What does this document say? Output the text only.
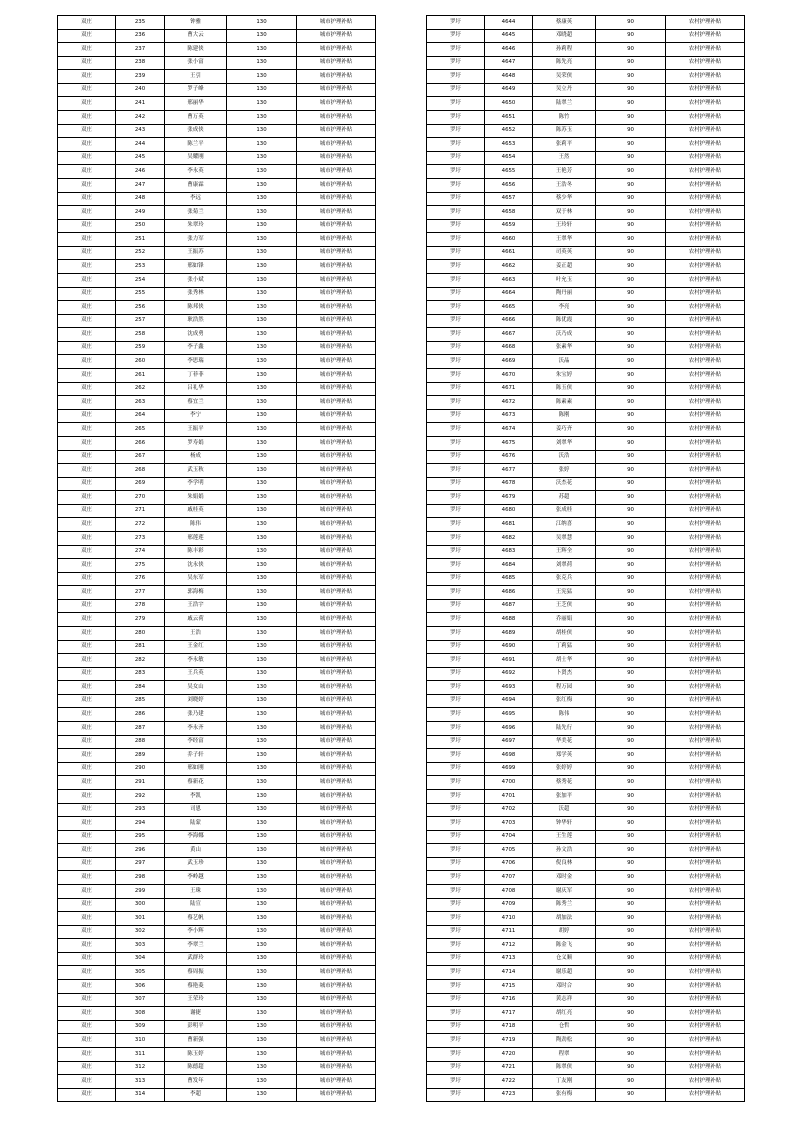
双庄	235	钟雅	130	城市护理补贴
双庄	236	曹大云	130	城市护理补贴
双庄	237	陈建侠	130	城市护理补贴
双庄	238	张小富	130	城市护理补贴
双庄	239	王引	130	城市护理补贴
双庄	240	罗子峰	130	城市护理补贴
双庄	241	邢丽华	130	城市护理补贴
双庄	242	曹万英	130	城市护理补贴
双庄	243	张成侠	130	城市护理补贴
双庄	244	陈兰平	130	城市护理补贴
双庄	245	吴耀刚	130	城市护理补贴
双庄	246	李永英	130	城市护理补贴
双庄	247	曹康霖	130	城市护理补贴
双庄	248	李远	130	城市护理补贴
双庄	249	张菊兰	130	城市护理补贴
双庄	250	朱翠玲	130	城市护理补贴
双庄	251	张力军	130	城市护理补贴
双庄	252	王振苏	130	城市护理补贴
双庄	253	邢如锋	130	城市护理补贴
双庄	254	张小斌	130	城市护理补贴
双庄	255	张秀林	130	城市护理补贴
双庄	256	陈邦侠	130	城市护理补贴
双庄	257	耿浩然	130	城市护理补贴
双庄	258	沈成勇	130	城市护理补贴
双庄	259	李子鑫	130	城市护理补贴
双庄	260	李思瑞	130	城市护理补贴
双庄	261	丁菲菲	130	城市护理补贴
双庄	262	吕礼华	130	城市护理补贴
双庄	263	蔡宜兰	130	城市护理补贴
双庄	264	李宁	130	城市护理补贴
双庄	265	王振平	130	城市护理补贴
双庄	266	罗寿娟	130	城市护理补贴
双庄	267	杨成	130	城市护理补贴
双庄	268	武玉秋	130	城市护理补贴
双庄	269	李学明	130	城市护理补贴
双庄	270	朱娟娟	130	城市护理补贴
双庄	271	戚桂英	130	城市护理补贴
双庄	272	陈伟	130	城市护理补贴
双庄	273	邢莲莲	130	城市护理补贴
双庄	274	陈丰彩	130	城市护理补贴
双庄	275	沈永侠	130	城市护理补贴
双庄	276	吴东军	130	城市护理补贴
双庄	277	郭海梅	130	城市护理补贴
双庄	278	王浩宇	130	城市护理补贴
双庄	279	戚云荷	130	城市护理补贴
双庄	280	王浩	130	城市护理补贴
双庄	281	王金红	130	城市护理补贴
双庄	282	李永敏	130	城市护理补贴
双庄	283	王兵英	130	城市护理补贴
双庄	284	吴女山	130	城市护理补贴
双庄	285	刘晓婷	130	城市护理补贴
双庄	286	张乃建	130	城市护理补贴
双庄	287	李永齐	130	城市护理补贴
双庄	288	李经富	130	城市护理补贴
双庄	289	乔子轩	130	城市护理补贴
双庄	290	邢如刚	130	城市护理补贴
双庄	291	蔡新花	130	城市护理补贴
双庄	292	李凯	130	城市护理补贴
双庄	293	司恩	130	城市护理补贴
双庄	294	陆蒙	130	城市护理补贴
双庄	295	李海娜	130	城市护理补贴
双庄	296	黄山	130	城市护理补贴
双庄	297	武玉珍	130	城市护理补贴
双庄	298	李岭越	130	城市护理补贴
双庄	299	王珠	130	城市护理补贴
双庄	300	陆宣	130	城市护理补贴
双庄	301	蔡艺帆	130	城市护理补贴
双庄	302	李小辉	130	城市护理补贴
双庄	303	李翠兰	130	城市护理补贴
双庄	304	武群玲	130	城市护理补贴
双庄	305	蔡周振	130	城市护理补贴
双庄	306	蔡艳菱	130	城市护理补贴
双庄	307	王荣玲	130	城市护理补贴
双庄	308	谢捷	130	城市护理补贴
双庄	309	彭明平	130	城市护理补贴
双庄	310	曹新强	130	城市护理补贴
双庄	311	陈玉婷	130	城市护理补贴
双庄	312	陈德超	130	城市护理补贴
双庄	313	曹发年	130	城市护理补贴
双庄	314	李超	130	城市护理补贴
罗圩	4644	蔡康英	90	农村护理补贴
罗圩	4645	邓晓超	90	农村护理补贴
罗圩	4646	孙莉程	90	农村护理补贴
罗圩	4647	陈先亮	90	农村护理补贴
罗圩	4648	吴荣侠	90	农村护理补贴
罗圩	4649	吴立丹	90	农村护理补贴
罗圩	4650	陆翠兰	90	农村护理补贴
罗圩	4651	陈竹	90	农村护理补贴
罗圩	4652	陈苏玉	90	农村护理补贴
罗圩	4653	张莉平	90	农村护理补贴
罗圩	4654	王然	90	农村护理补贴
罗圩	4655	王艳芳	90	农村护理补贴
罗圩	4656	王浩冬	90	农村护理补贴
罗圩	4657	蔡少华	90	农村护理补贴
罗圩	4658	双于林	90	农村护理补贴
罗圩	4659	王玲轩	90	农村护理补贴
罗圩	4660	王翠华	90	农村护理补贴
罗圩	4661	司英英	90	农村护理补贴
罗圩	4662	姜正超	90	农村护理补贴
罗圩	4663	叶允玉	90	农村护理补贴
罗圩	4664	陶丹丽	90	农村护理补贴
罗圩	4665	李亮	90	农村护理补贴
罗圩	4666	陈优霞	90	农村护理补贴
罗圩	4667	沃乃成	90	农村护理补贴
罗圩	4668	张素华	90	农村护理补贴
罗圩	4669	沃晶	90	农村护理补贴
罗圩	4670	朱宝婷	90	农村护理补贴
罗圩	4671	陈玉侠	90	农村护理补贴
罗圩	4672	陈素素	90	农村护理补贴
罗圩	4673	陈刚	90	农村护理补贴
罗圩	4674	姜巧齐	90	农村护理补贴
罗圩	4675	刘翠华	90	农村护理补贴
罗圩	4676	沃浩	90	农村护理补贴
罗圩	4677	张婷	90	农村护理补贴
罗圩	4678	沃杰花	90	农村护理补贴
罗圩	4679	苏超	90	农村护理补贴
罗圩	4680	张成桂	90	农村护理补贴
罗圩	4681	江纳喜	90	农村护理补贴
罗圩	4682	吴翠慧	90	农村护理补贴
罗圩	4683	王辉全	90	农村护理补贴
罗圩	4684	刘翠荷	90	农村护理补贴
罗圩	4685	张克兵	90	农村护理补贴
罗圩	4686	王宪猛	90	农村护理补贴
罗圩	4687	王芝侠	90	农村护理补贴
罗圩	4688	乔丽娟	90	农村护理补贴
罗圩	4689	胡桂侠	90	农村护理补贴
罗圩	4690	丁莉猛	90	农村护理补贴
罗圩	4691	胡士华	90	农村护理补贴
罗圩	4692	卜贤杰	90	农村护理补贴
罗圩	4693	程万园	90	农村护理补贴
罗圩	4694	张红梅	90	农村护理补贴
罗圩	4695	陈伟	90	农村护理补贴
罗圩	4696	陆先行	90	农村护理补贴
罗圩	4697	华美花	90	农村护理补贴
罗圩	4698	郑学英	90	农村护理补贴
罗圩	4699	张婷婷	90	农村护理补贴
罗圩	4700	蔡秀花	90	农村护理补贴
罗圩	4701	张加平	90	农村护理补贴
罗圩	4702	沃超	90	农村护理补贴
罗圩	4703	钟华轩	90	农村护理补贴
罗圩	4704	王生莲	90	农村护理补贴
罗圩	4705	孙文浩	90	农村护理补贴
罗圩	4706	倪良林	90	农村护理补贴
罗圩	4707	邓时金	90	农村护理补贴
罗圩	4708	谢庆军	90	农村护理补贴
罗圩	4709	陈秀兰	90	农村护理补贴
罗圩	4710	胡加法	90	农村护理补贴
罗圩	4711	胡婷	90	农村护理补贴
罗圩	4712	陈金飞	90	农村护理补贴
罗圩	4713	仓义顺	90	农村护理补贴
罗圩	4714	谢乐超	90	农村护理补贴
罗圩	4715	邓时合	90	农村护理补贴
罗圩	4716	黄志祥	90	农村护理补贴
罗圩	4717	胡红亮	90	农村护理补贴
罗圩	4718	仓哲	90	农村护理补贴
罗圩	4719	陶劲松	90	农村护理补贴
罗圩	4720	程翠	90	农村护理补贴
罗圩	4721	陈翠侠	90	农村护理补贴
罗圩	4722	丁友刚	90	农村护理补贴
罗圩	4723	张有梅	90	农村护理补贴
